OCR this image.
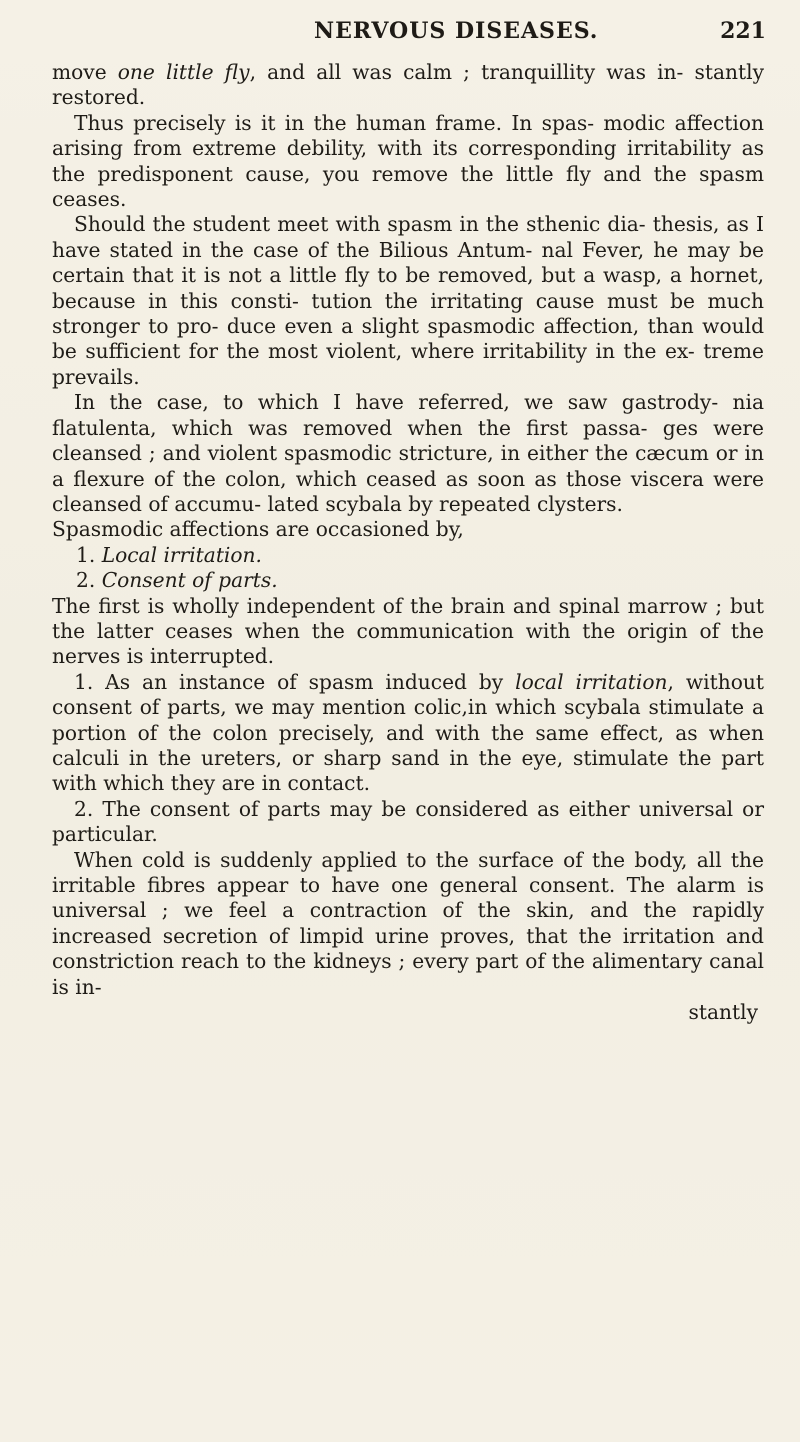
NERVOUS DISEASES.	221

move one little fly, and all was calm ; tranquillity was in- stantly restored.

Thus precisely is it in the human frame. In spas- modic affection arising from extreme debility, with its corresponding irritability as the predisponent cause, you remove the little fly and the spasm ceases.

Should the student meet with spasm in the sthenic dia- thesis, as I have stated in the case of the Bilious Antum- nal Fever, he may be certain that it is not a little fly to be removed, but a wasp, a hornet, because in this consti- tution the irritating cause must be much stronger to pro- duce even a slight spasmodic affection, than would be sufficient for the most violent, where irritability in the ex- treme prevails.

In the case, to which I have referred, we saw gastrody- nia flatulenta, which was removed when the first passa- ges were cleansed ; and violent spasmodic stricture, in either the cæcum or in a flexure of the colon, which ceased as soon as those viscera were cleansed of accumu- lated scybala by repeated clysters.

Spasmodic affections are occasioned by,

1. Local irritation.

2. Consent of parts.

The first is wholly independent of the brain and spinal marrow ; but the latter ceases when the communication with the origin of the nerves is interrupted.

1. As an instance of spasm induced by local irritation, without consent of parts, we may mention colic,in which scybala stimulate a portion of the colon precisely, and with the same effect, as when calculi in the ureters, or sharp sand in the eye, stimulate the part with which they are in contact.

2. The consent of parts may be considered as either universal or particular.

When cold is suddenly applied to the surface of the body, all the irritable fibres appear to have one general consent. The alarm is universal ; we feel a contraction of the skin, and the rapidly increased secretion of limpid urine proves, that the irritation and constriction reach to the kidneys ; every part of the alimentary canal is in-

stantly
